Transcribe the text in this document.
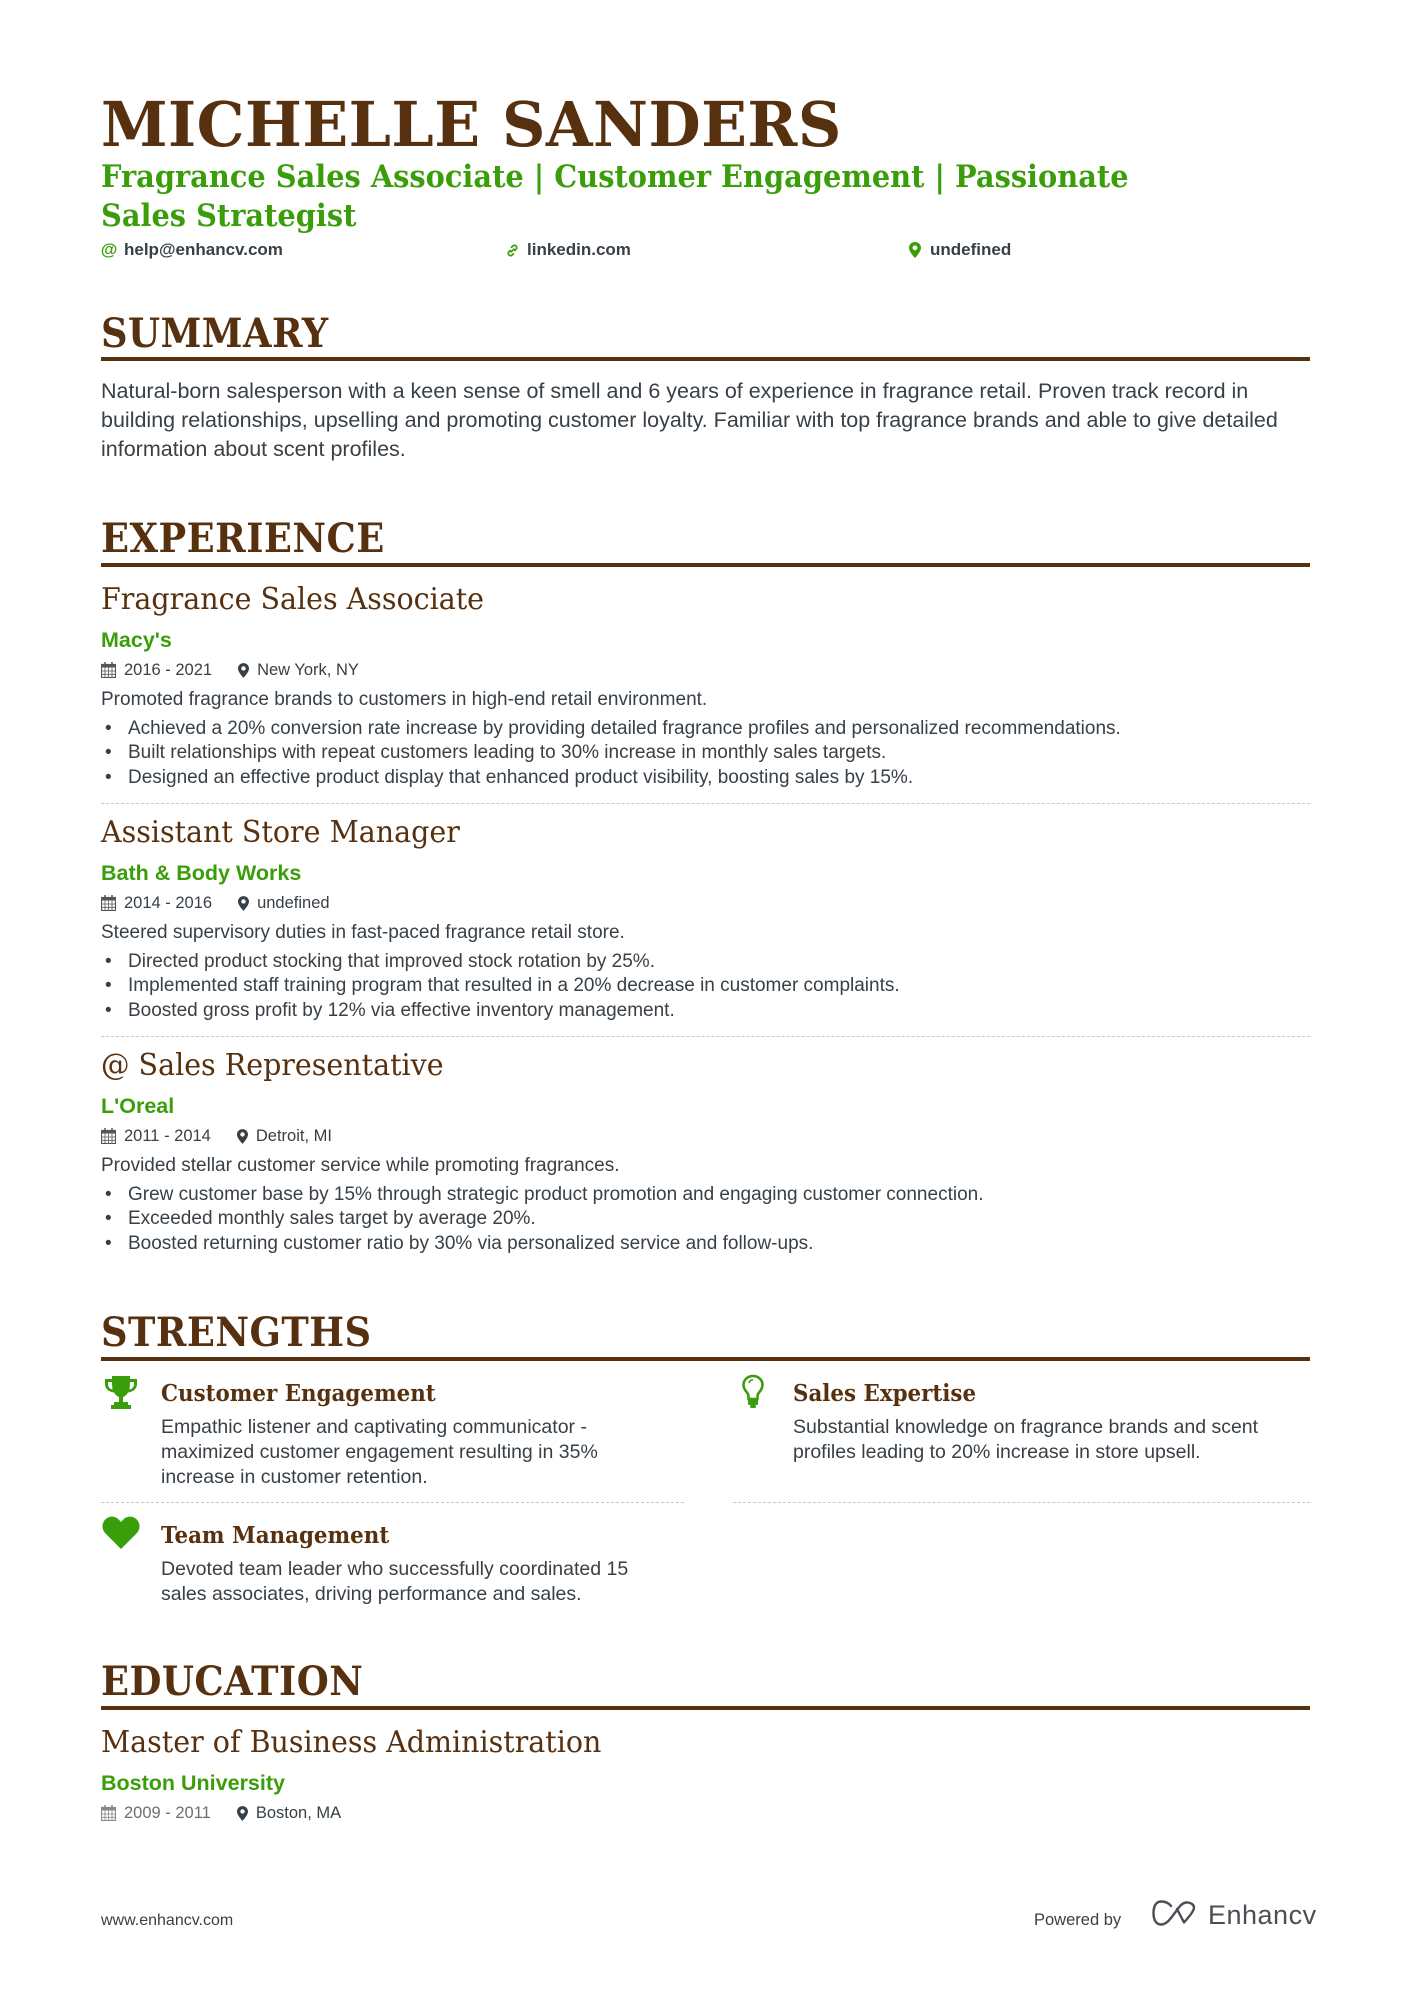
MICHELLE SANDERS
Fragrance Sales Associate | Customer Engagement | Passionate Sales Strategist
@ help@enhancv.com	linkedin.com	undefined
SUMMARY
Natural-born salesperson with a keen sense of smell and 6 years of experience in fragrance retail. Proven track record in building relationships, upselling and promoting customer loyalty. Familiar with top fragrance brands and able to give detailed information about scent profiles.
EXPERIENCE
Fragrance Sales Associate
Macy's
2016 - 2021	New York, NY
Promoted fragrance brands to customers in high-end retail environment.
• Achieved a 20% conversion rate increase by providing detailed fragrance profiles and personalized recommendations.
• Built relationships with repeat customers leading to 30% increase in monthly sales targets.
• Designed an effective product display that enhanced product visibility, boosting sales by 15%.
Assistant Store Manager
Bath & Body Works
2014 - 2016	undefined
Steered supervisory duties in fast-paced fragrance retail store.
• Directed product stocking that improved stock rotation by 25%.
• Implemented staff training program that resulted in a 20% decrease in customer complaints.
• Boosted gross profit by 12% via effective inventory management.
@ Sales Representative
L'Oreal
2011 - 2014	Detroit, MI
Provided stellar customer service while promoting fragrances.
• Grew customer base by 15% through strategic product promotion and engaging customer connection.
• Exceeded monthly sales target by average 20%.
• Boosted returning customer ratio by 30% via personalized service and follow-ups.
STRENGTHS
Customer Engagement
Empathic listener and captivating communicator - maximized customer engagement resulting in 35% increase in customer retention.
Sales Expertise
Substantial knowledge on fragrance brands and scent profiles leading to 20% increase in store upsell.
Team Management
Devoted team leader who successfully coordinated 15 sales associates, driving performance and sales.
EDUCATION
Master of Business Administration
Boston University
2009 - 2011	Boston, MA
www.enhancv.com	Powered by	Enhancv
